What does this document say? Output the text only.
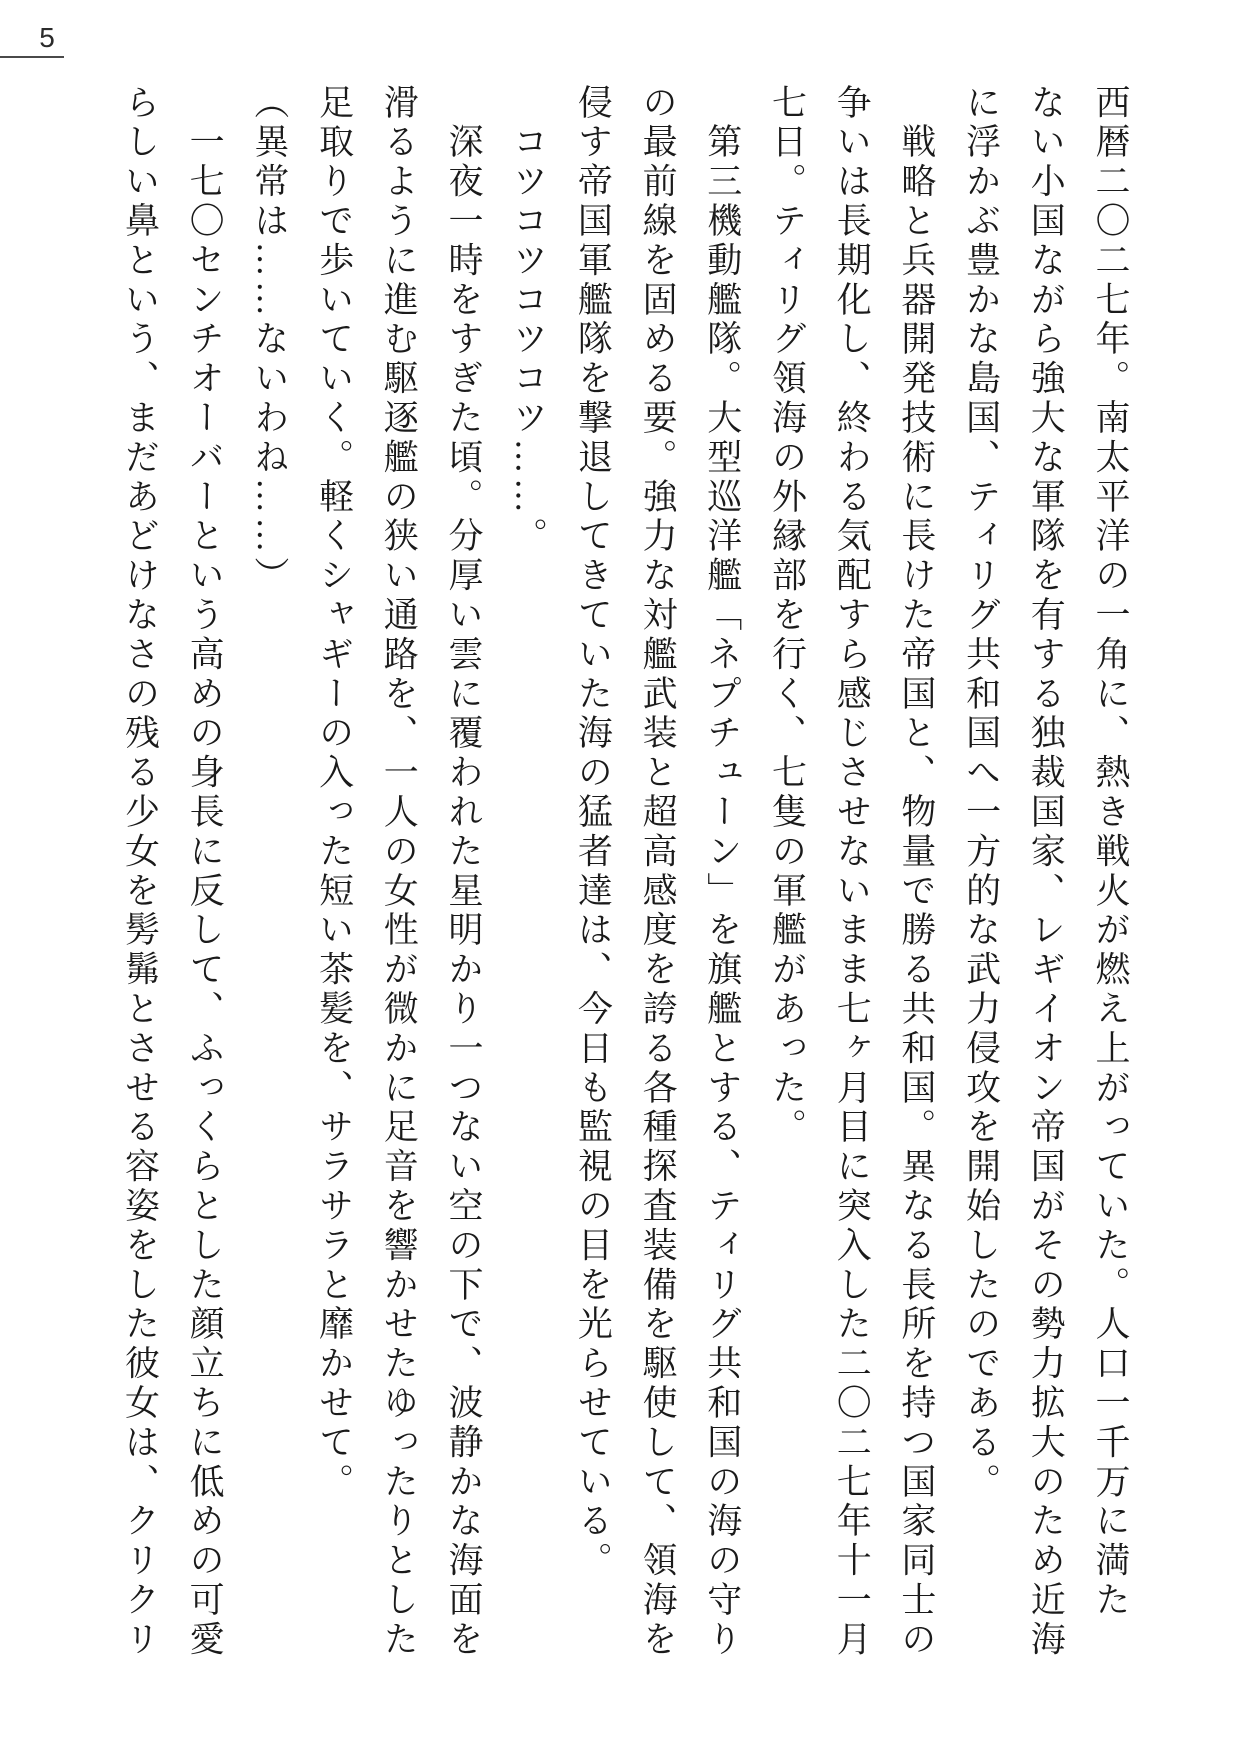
5

西暦二〇二七年。南太平洋の一角に、熱き戦火が燃え上がっていた。人口一千万に満た

ない小国ながら強大な軍隊を有する独裁国家、レギイオン帝国がその勢力拡大のため近海

に浮かぶ豊かな島国、ティリグ共和国へ一方的な武力侵攻を開始したのである。

　戦略と兵器開発技術に長けた帝国と、物量で勝る共和国。異なる長所を持つ国家同士の

争いは長期化し、終わる気配すら感じさせないまま七ヶ月目に突入した二〇二七年十一月

七日。ティリグ領海の外縁部を行く、七隻の軍艦があった。

　第三機動艦隊。大型巡洋艦「ネプチューン」を旗艦とする、ティリグ共和国の海の守り

の最前線を固める要。強力な対艦武装と超高感度を誇る各種探査装備を駆使して、領海を

侵す帝国軍艦隊を撃退してきていた海の猛者達は、今日も監視の目を光らせている。

　コツコツコツコツ……。

　深夜一時をすぎた頃。分厚い雲に覆われた星明かり一つない空の下で、波静かな海面を

滑るように進む駆逐艦の狭い通路を、一人の女性が微かに足音を響かせたゆったりとした

足取りで歩いていく。軽くシャギーの入った短い茶髪を、サラサラと靡かせて。

（異常は……ないわね……）

　一七〇センチオーバーという高めの身長に反して、ふっくらとした顔立ちに低めの可愛

らしい鼻という、まだあどけなさの残る少女を髣髴とさせる容姿をした彼女は、クリクリ
